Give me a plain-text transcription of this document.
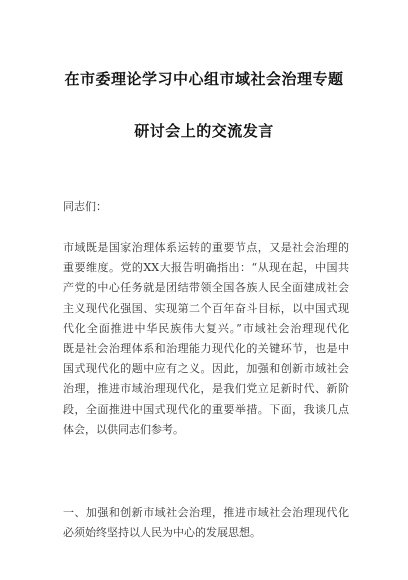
在市委理论学习中心组市域社会治理专题
研讨会上的交流发言
同志们：
市域既是国家治理体系运转的重要节点，又是社会治理的
重要维度。党的XX大报告明确指出：“从现在起，中国共
产党的中心任务就是团结带领全国各族人民全面建成社会
主义现代化强国、实现第二个百年奋斗目标，以中国式现
代化全面推进中华民族伟大复兴。”市域社会治理现代化
既是社会治理体系和治理能力现代化的关键环节，也是中
国式现代化的题中应有之义。因此，加强和创新市域社会
治理，推进市域治理现代化，是我们党立足新时代、新阶
段，全面推进中国式现代化的重要举措。下面，我谈几点
体会，以供同志们参考。
一、加强和创新市域社会治理，推进市域社会治理现代化
必须始终坚持以人民为中心的发展思想。
